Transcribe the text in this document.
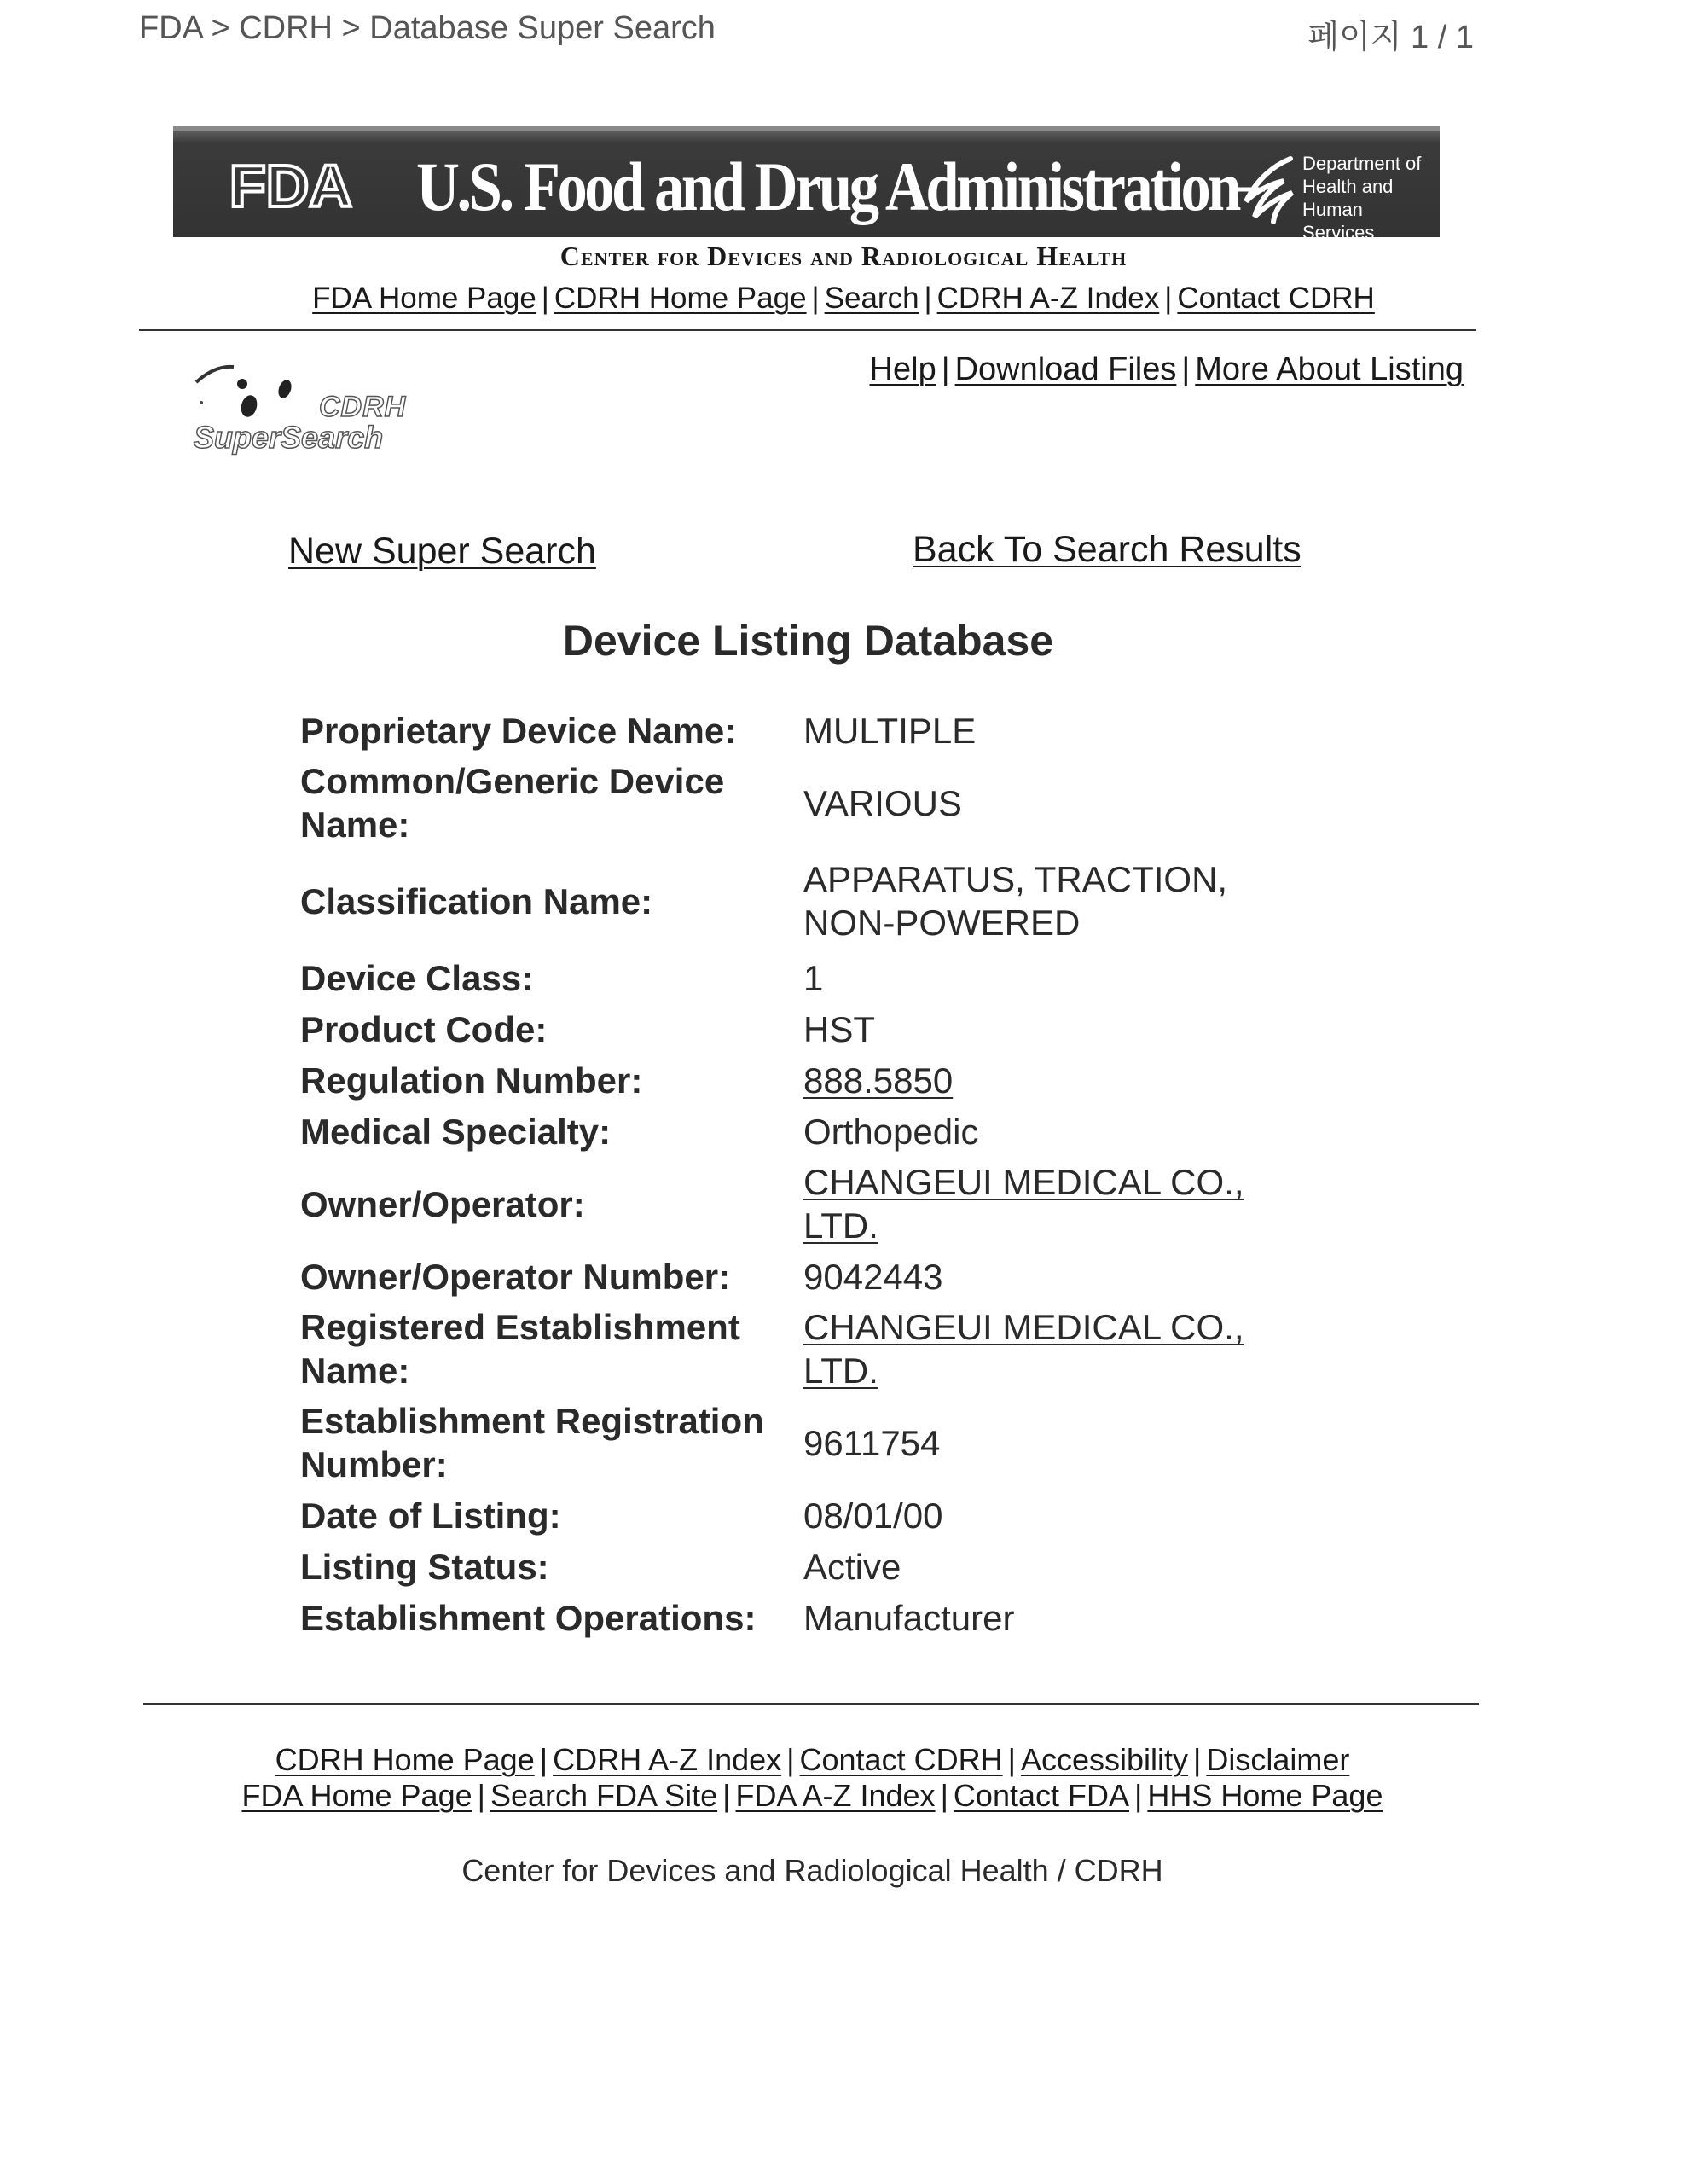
FDA > CDRH > Database Super Search	페이지 1 / 1
FDA U.S. Food and Drug Administration	Department of
Health and
Human Services
Center for Devices and Radiological Health
FDA Home Page | CDRH Home Page | Search | CDRH A-Z Index | Contact CDRH
CDRH
SuperSearch
Help | Download Files | More About Listing
New Super Search	Back To Search Results
Device Listing Database
Proprietary Device Name:	MULTIPLE
Common/Generic Device Name:
VARIOUS
Classification Name:
APPARATUS, TRACTION, NON-POWERED
Device Class:	1
Product Code:	HST
Regulation Number:	888.5850
Medical Specialty:	Orthopedic
Owner/Operator:
CHANGEUI MEDICAL CO., LTD.
Owner/Operator Number:	9042443
Registered Establishment Name:
CHANGEUI MEDICAL CO., LTD.
Establishment Registration Number:
9611754
Date of Listing:	08/01/00
Listing Status:	Active
Establishment Operations:	Manufacturer
CDRH Home Page | CDRH A-Z Index | Contact CDRH | Accessibility | Disclaimer
FDA Home Page | Search FDA Site | FDA A-Z Index | Contact FDA | HHS Home Page
Center for Devices and Radiological Health / CDRH
